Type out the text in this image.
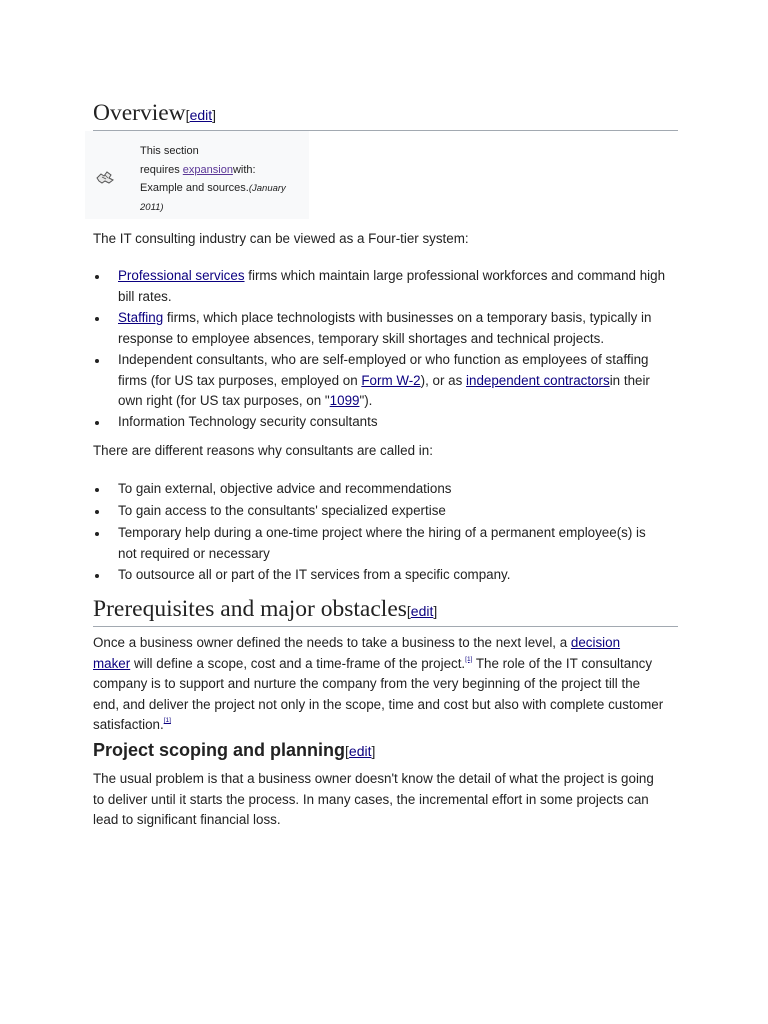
Overview[edit]
This section
requires expansionwith:
Example and sources.(January
2011)

The IT consulting industry can be viewed as a Four-tier system:

Professional services firms which maintain large professional workforces and command high
bill rates.
Staffing firms, which place technologists with businesses on a temporary basis, typically in
response to employee absences, temporary skill shortages and technical projects.
Independent consultants, who are self-employed or who function as employees of staffing
firms (for US tax purposes, employed on Form W-2), or as independent contractorsin their
own right (for US tax purposes, on "1099").
Information Technology security consultants

There are different reasons why consultants are called in:

To gain external, objective advice and recommendations
To gain access to the consultants' specialized expertise
Temporary help during a one-time project where the hiring of a permanent employee(s) is
not required or necessary
To outsource all or part of the IT services from a specific company.
Prerequisites and major obstacles[edit]
Once a business owner defined the needs to take a business to the next level, a decision
maker will define a scope, cost and a time-frame of the project.[1] The role of the IT consultancy
company is to support and nurture the company from the very beginning of the project till the
end, and deliver the project not only in the scope, time and cost but also with complete customer
satisfaction.[1]
Project scoping and planning[edit]
The usual problem is that a business owner doesn't know the detail of what the project is going
to deliver until it starts the process. In many cases, the incremental effort in some projects can
lead to significant financial loss.
